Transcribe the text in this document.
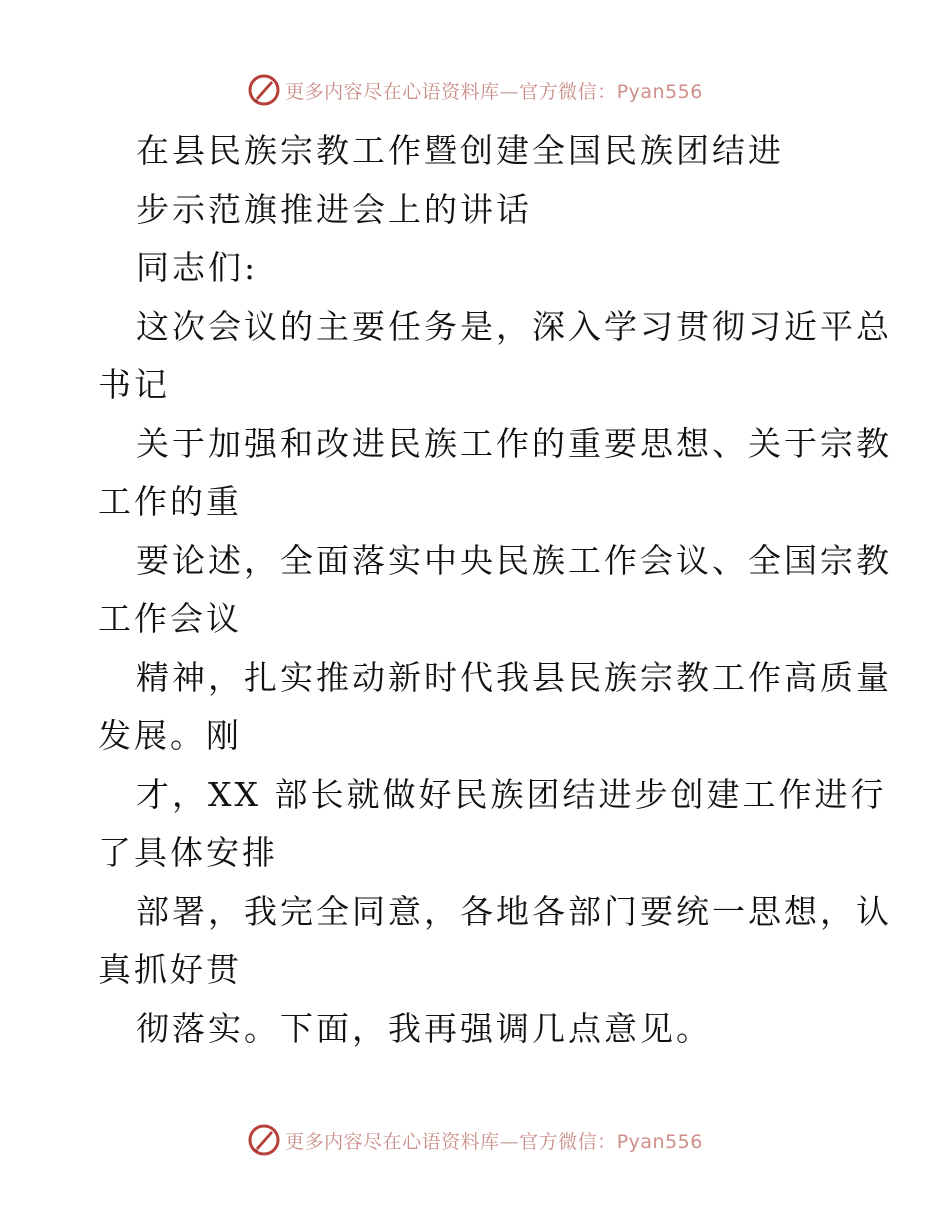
更多内容尽在心语资料库—官方微信：Pyan556
在县民族宗教工作暨创建全国民族团结进
步示范旗推进会上的讲话
同志们:
这次会议的主要任务是，深入学习贯彻习近平总
书记
关于加强和改进民族工作的重要思想、关于宗教
工作的重
要论述，全面落实中央民族工作会议、全国宗教
工作会议
精神，扎实推动新时代我县民族宗教工作高质量
发展。刚
才，XX 部长就做好民族团结进步创建工作进行
了具体安排
部署，我完全同意，各地各部门要统一思想，认
真抓好贯
彻落实。下面，我再强调几点意见。
更多内容尽在心语资料库—官方微信：Pyan556
